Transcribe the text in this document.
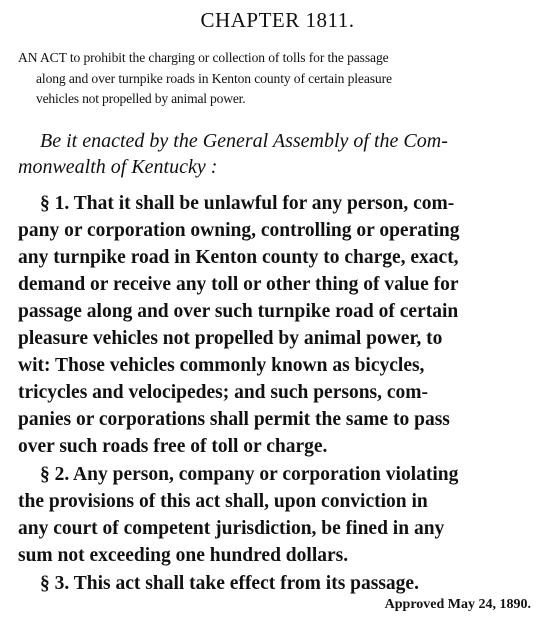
CHAPTER 1811.
AN ACT to prohibit the charging or collection of tolls for the passage
along and over turnpike roads in Kenton county of certain pleasure
vehicles not propelled by animal power.
Be it enacted by the General Assembly of the Com-
monwealth of Kentucky :
§ 1. That it shall be unlawful for any person, com-
pany or corporation owning, controlling or operating
any turnpike road in Kenton county to charge, exact,
demand or receive any toll or other thing of value for
passage along and over such turnpike road of certain
pleasure vehicles not propelled by animal power, to
wit: Those vehicles commonly known as bicycles,
tricycles and velocipedes; and such persons, com-
panies or corporations shall permit the same to pass
over such roads free of toll or charge.
§ 2. Any person, company or corporation violating
the provisions of this act shall, upon conviction in
any court of competent jurisdiction, be fined in any
sum not exceeding one hundred dollars.
§ 3. This act shall take effect from its passage.
Approved May 24, 1890.
